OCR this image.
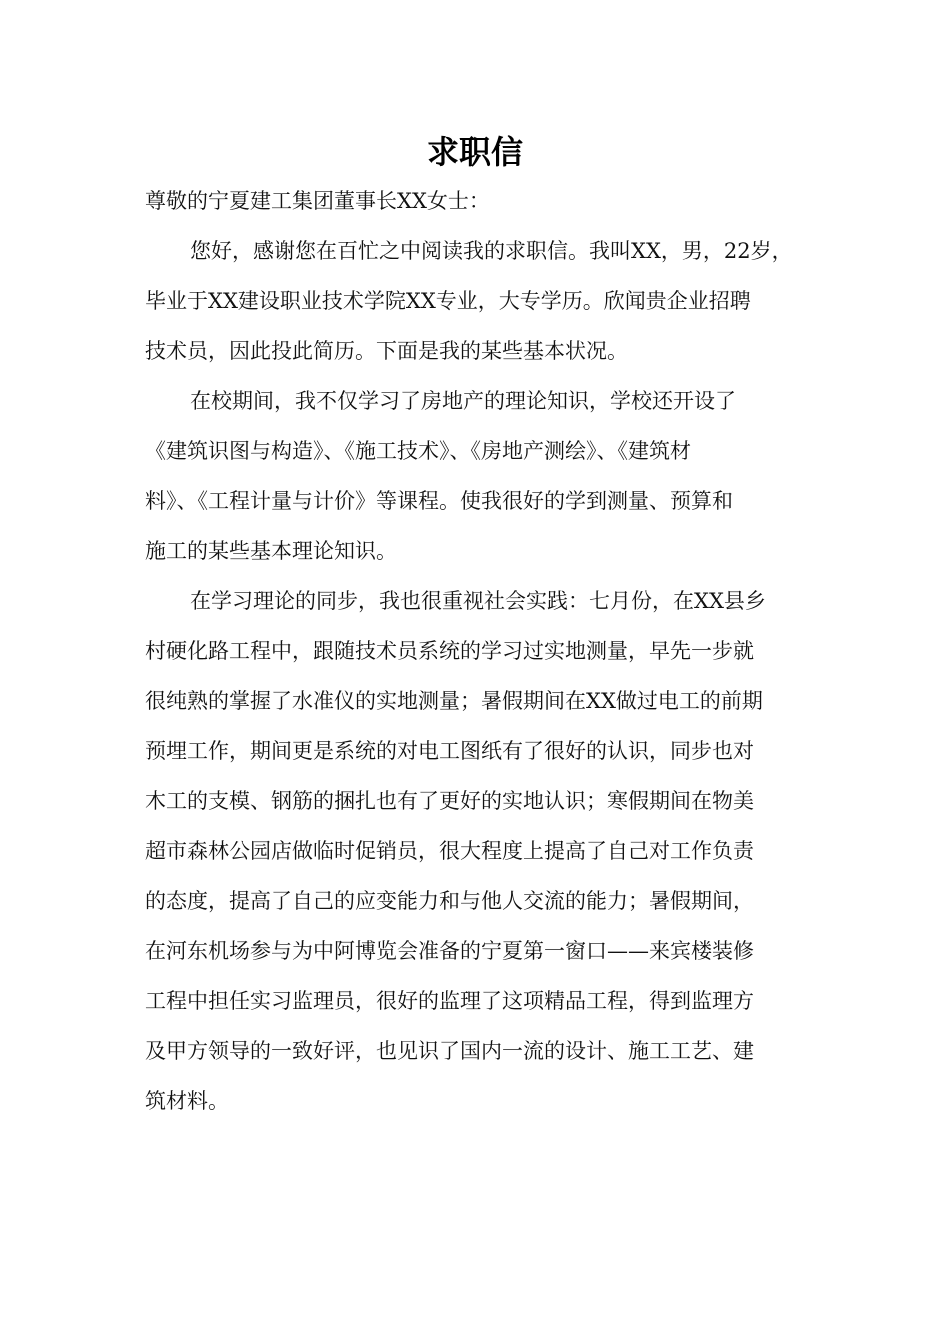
求职信

尊敬的宁夏建工集团董事长XX女士：

您好，感谢您在百忙之中阅读我的求职信。我叫XX，男，22岁，

毕业于XX建设职业技术学院XX专业，大专学历。欣闻贵企业招聘

技术员，因此投此简历。下面是我的某些基本状况。

在校期间，我不仅学习了房地产的理论知识，学校还开设了

《建筑识图与构造》、《施工技术》、《房地产测绘》、《建筑材

料》、《工程计量与计价》等课程。使我很好的学到测量、预算和

施工的某些基本理论知识。

在学习理论的同步，我也很重视社会实践：七月份，在XX县乡

村硬化路工程中，跟随技术员系统的学习过实地测量，早先一步就

很纯熟的掌握了水准仪的实地测量；暑假期间在XX做过电工的前期

预埋工作，期间更是系统的对电工图纸有了很好的认识，同步也对

木工的支模、钢筋的捆扎也有了更好的实地认识；寒假期间在物美

超市森林公园店做临时促销员，很大程度上提高了自己对工作负责

的态度，提高了自己的应变能力和与他人交流的能力；暑假期间，

在河东机场参与为中阿博览会准备的宁夏第一窗口——来宾楼装修

工程中担任实习监理员，很好的监理了这项精品工程，得到监理方

及甲方领导的一致好评，也见识了国内一流的设计、施工工艺、建

筑材料。
